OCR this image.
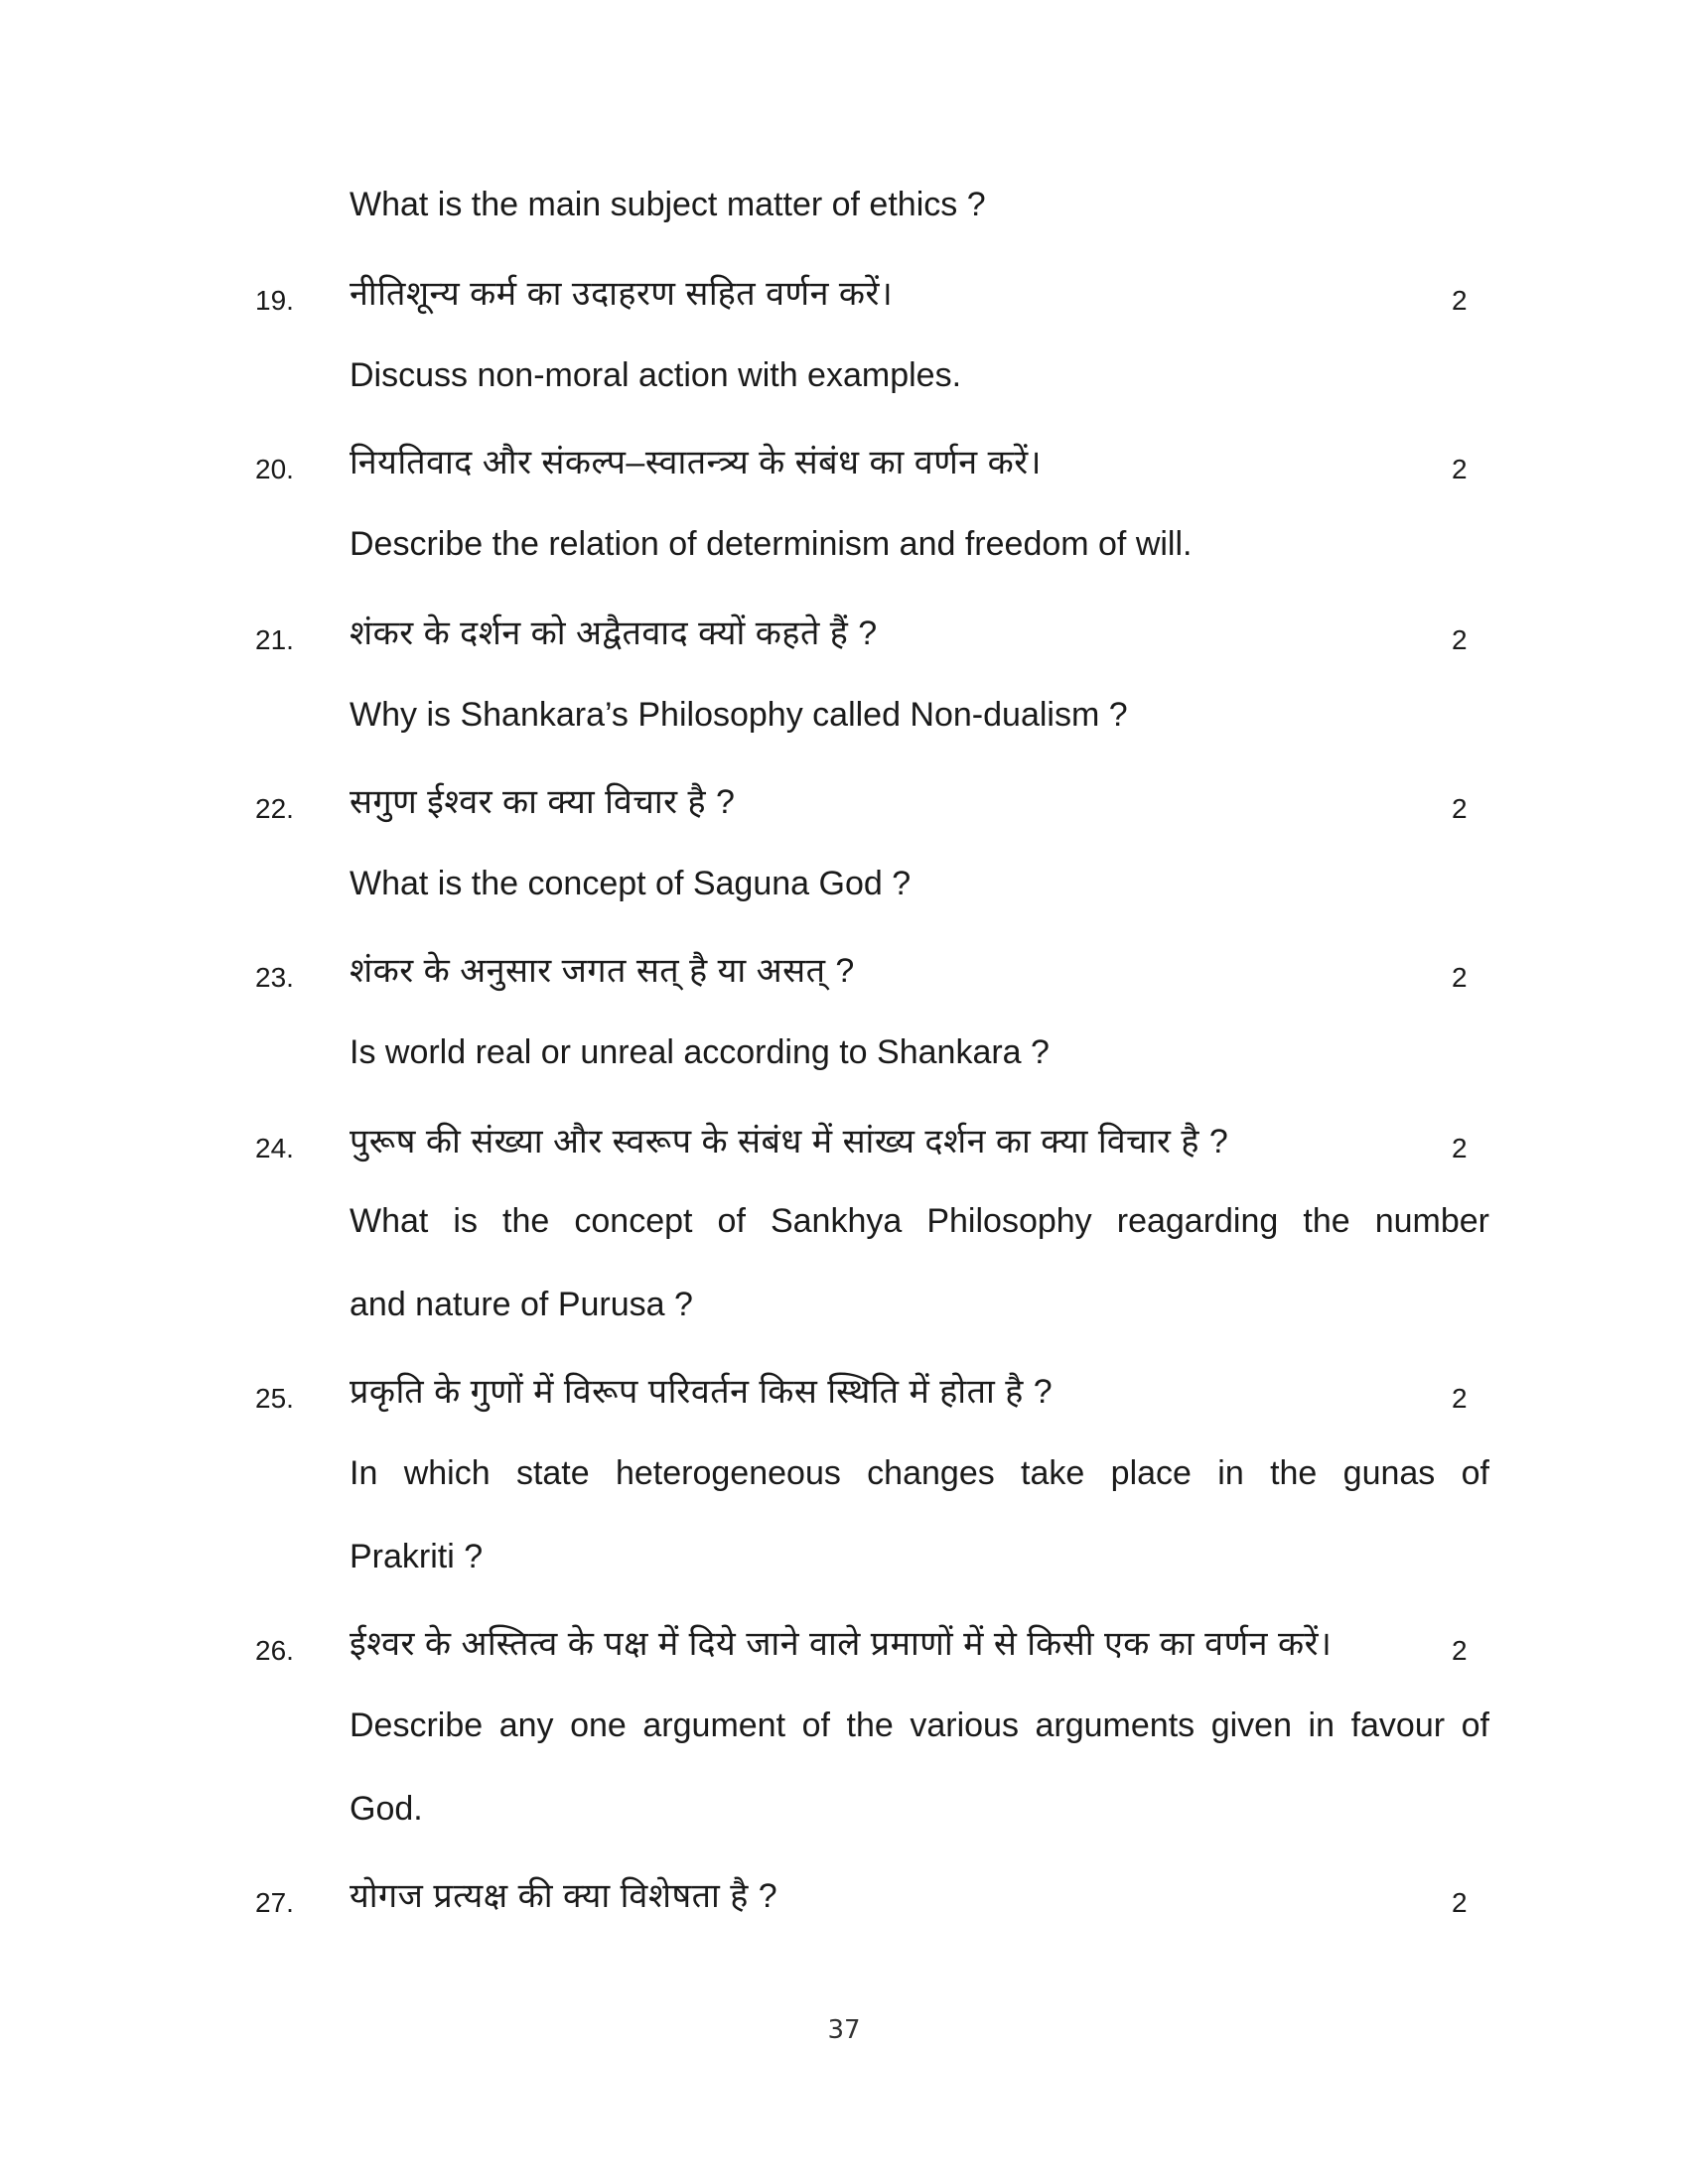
What is the main subject matter of ethics ?
19. नीतिशून्य कर्म का उदाहरण सहित वर्णन करें।	2
Discuss non-moral action with examples.
20. नियतिवाद और संकल्प–स्वातन्त्र्य के संबंध का वर्णन करें।	2
Describe the relation of determinism and freedom of will.
21. शंकर के दर्शन को अद्वैतवाद क्यों कहते हैं ?	2
Why is Shankara’s Philosophy called Non-dualism ?
22. सगुण ईश्वर का क्या विचार है ?	2
What is the concept of Saguna God ?
23. शंकर के अनुसार जगत सत् है या असत् ?	2
Is world real or unreal according to Shankara ?
24. पुरूष की संख्या और स्वरूप के संबंध में सांख्य दर्शन का क्या विचार है ?	2
What is the concept of Sankhya Philosophy reagarding the number
and nature of Purusa ?
25. प्रकृति के गुणों में विरूप परिवर्तन किस स्थिति में होता है ?	2
In which state heterogeneous changes take place in the gunas of
Prakriti ?
26. ईश्वर के अस्तित्व के पक्ष में दिये जाने वाले प्रमाणों में से किसी एक का वर्णन करें।	2
Describe any one argument of the various arguments given in favour of
God.
27. योगज प्रत्यक्ष की क्या विशेषता है ?	2
37
